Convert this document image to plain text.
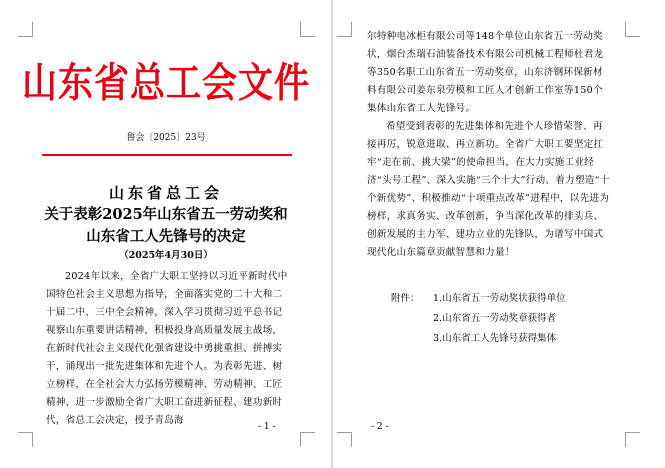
山东省总工会文件
鲁会〔2025〕23号
山东省总工会
关于表彰2025年山东省五一劳动奖和
山东省工人先锋号的决定
（2025年4月30日）

2024年以来，全省广大职工坚持以习近平新时代中国特色社会主义思想为指导，全面落实党的二十大和二十届二中、三中全会精神，深入学习贯彻习近平总书记视察山东重要讲话精神，积极投身高质量发展主战场，在新时代社会主义现代化强省建设中勇挑重担、拼搏实干，涌现出一批先进集体和先进个人。为表彰先进、树立榜样，在全社会大力弘扬劳模精神、劳动精神、工匠精神，进一步激励全省广大职工奋进新征程、建功新时代，省总工会决定，授予青岛海

- 1 -

尔特种电冰柜有限公司等148个单位山东省五一劳动奖状，烟台杰瑞石油装备技术有限公司机械工程师杜君龙等350名职工山东省五一劳动奖章，山东济钢环保新材料有限公司姜东泉劳模和工匠人才创新工作室等150个集体山东省工人先锋号。

希望受到表彰的先进集体和先进个人珍惜荣誉、再接再厉，锐意进取、再立新功。全省广大职工要坚定扛牢“走在前、挑大梁”的使命担当，在大力实施工业经济“头号工程”、深入实施“三个十大”行动、着力塑造“十个新优势”、积极推动“十项重点改革”进程中，以先进为榜样，求真务实、改革创新，争当深化改革的排头兵、创新发展的主力军、建功立业的先锋队，为谱写中国式现代化山东篇章贡献智慧和力量！

附件： 1.山东省五一劳动奖状获得单位
2.山东省五一劳动奖章获得者
3.山东省工人先锋号获得集体
- 2 -
